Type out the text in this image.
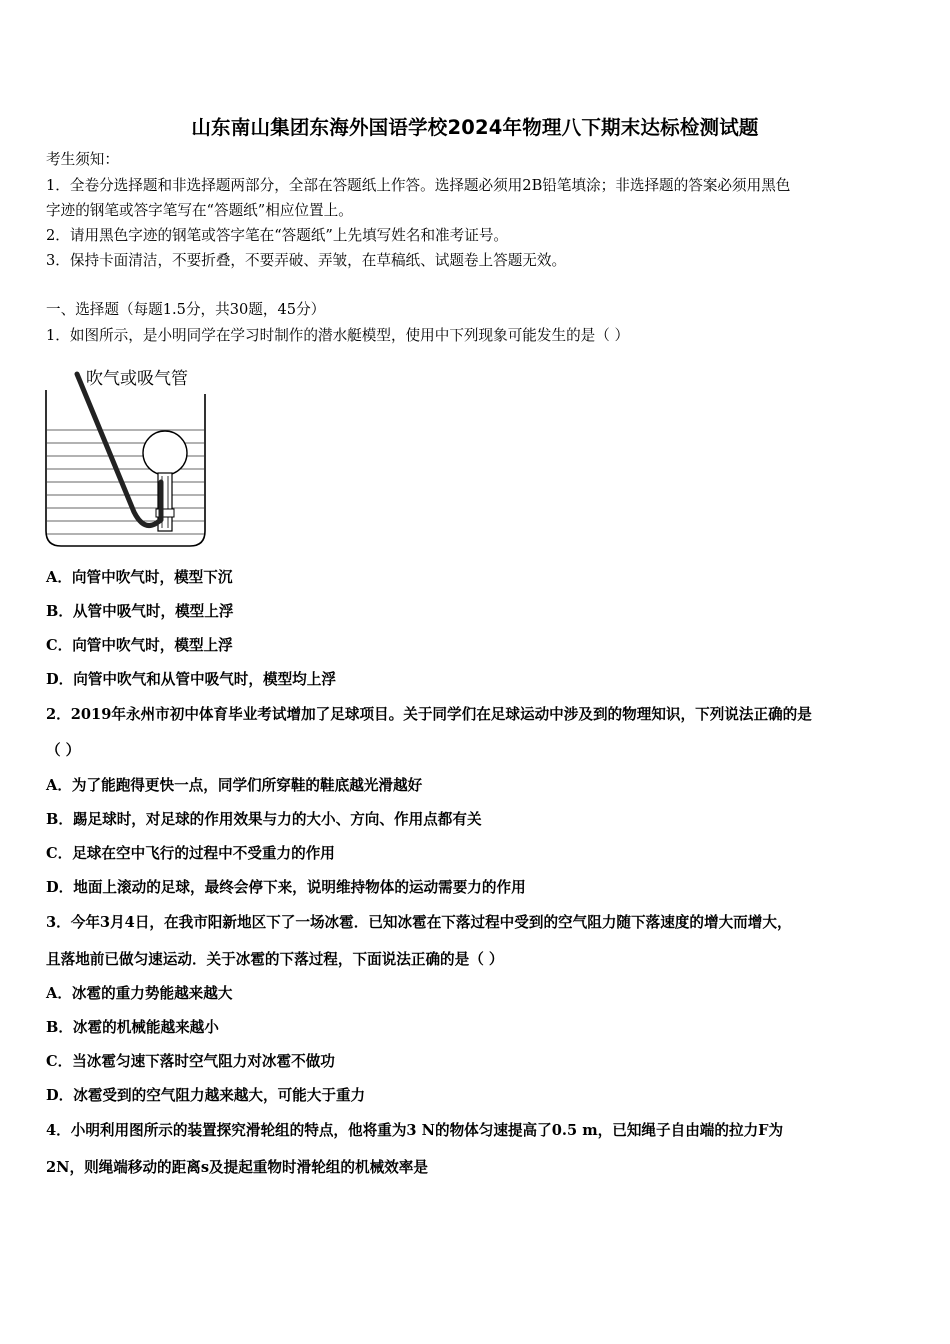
山东南山集团东海外国语学校2024年物理八下期末达标检测试题
考生须知：
1．全卷分选择题和非选择题两部分，全部在答题纸上作答。选择题必须用2B铅笔填涂；非选择题的答案必须用黑色
字迹的钢笔或答字笔写在“答题纸”相应位置上。
2．请用黑色字迹的钢笔或答字笔在“答题纸”上先填写姓名和准考证号。
3．保持卡面清洁，不要折叠，不要弄破、弄皱，在草稿纸、试题卷上答题无效。
一、选择题（每题1.5分，共30题，45分）
1．如图所示，是小明同学在学习时制作的潜水艇模型，使用中下列现象可能发生的是（ ）
吹气或吸气管
A．向管中吹气时，模型下沉
B．从管中吸气时，模型上浮
C．向管中吹气时，模型上浮
D．向管中吹气和从管中吸气时，模型均上浮
2．2019年永州市初中体育毕业考试增加了足球项目。关于同学们在足球运动中涉及到的物理知识，下列说法正确的是
（ ）
A．为了能跑得更快一点，同学们所穿鞋的鞋底越光滑越好
B．踢足球时，对足球的作用效果与力的大小、方向、作用点都有关
C．足球在空中飞行的过程中不受重力的作用
D．地面上滚动的足球，最终会停下来，说明维持物体的运动需要力的作用
3．今年3月4日，在我市阳新地区下了一场冰雹．已知冰雹在下落过程中受到的空气阻力随下落速度的增大而增大，
且落地前已做匀速运动．关于冰雹的下落过程，下面说法正确的是（ ）
A．冰雹的重力势能越来越大
B．冰雹的机械能越来越小
C．当冰雹匀速下落时空气阻力对冰雹不做功
D．冰雹受到的空气阻力越来越大，可能大于重力
4．小明利用图所示的装置探究滑轮组的特点，他将重为3 N的物体匀速提高了0.5 m，已知绳子自由端的拉力F为
2N，则绳端移动的距离s及提起重物时滑轮组的机械效率是
